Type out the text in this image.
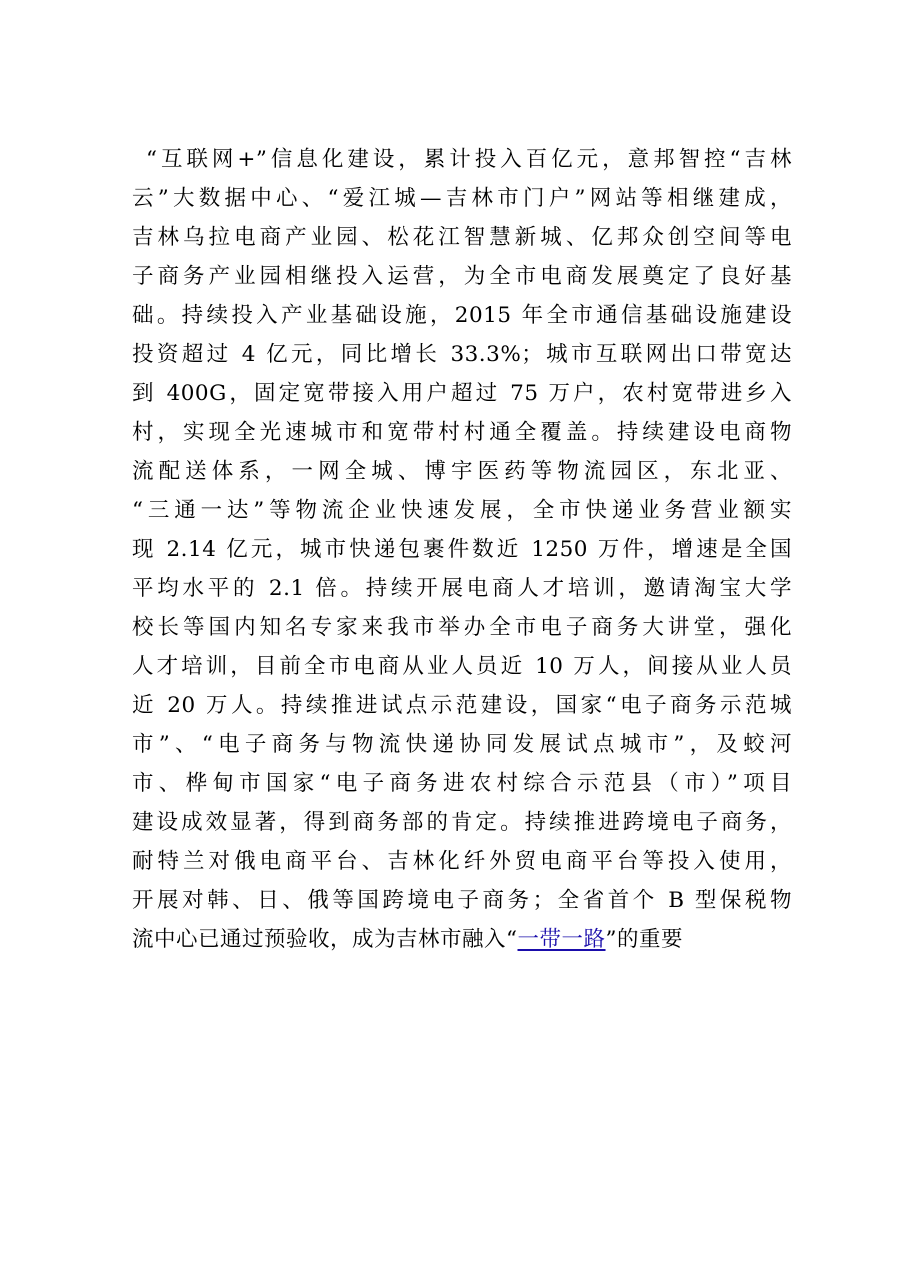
“互联网+”信息化建设，累计投入百亿元，意邦智控“吉林
云”大数据中心、“爱江城—吉林市门户”网站等相继建成，
吉林乌拉电商产业园、松花江智慧新城、亿邦众创空间等电
子商务产业园相继投入运营，为全市电商发展奠定了良好基
础。持续投入产业基础设施，2015 年全市通信基础设施建设
投资超过 4 亿元，同比增长 33.3%；城市互联网出口带宽达
到 400G，固定宽带接入用户超过 75 万户，农村宽带进乡入
村，实现全光速城市和宽带村村通全覆盖。持续建设电商物
流配送体系，一网全城、博宇医药等物流园区，东北亚、
“三通一达”等物流企业快速发展，全市快递业务营业额实
现 2.14 亿元，城市快递包裹件数近 1250 万件，增速是全国
平均水平的 2.1 倍。持续开展电商人才培训，邀请淘宝大学
校长等国内知名专家来我市举办全市电子商务大讲堂，强化
人才培训，目前全市电商从业人员近 10 万人，间接从业人员
近 20 万人。持续推进试点示范建设，国家“电子商务示范城
市”、“电子商务与物流快递协同发展试点城市”，及蛟河
市、桦甸市国家“电子商务进农村综合示范县（市）”项目
建设成效显著，得到商务部的肯定。持续推进跨境电子商务，
耐特兰对俄电商平台、吉林化纤外贸电商平台等投入使用，
开展对韩、日、俄等国跨境电子商务；全省首个 B 型保税物
流中心已通过预验收，成为吉林市融入“一带一路”的重要
